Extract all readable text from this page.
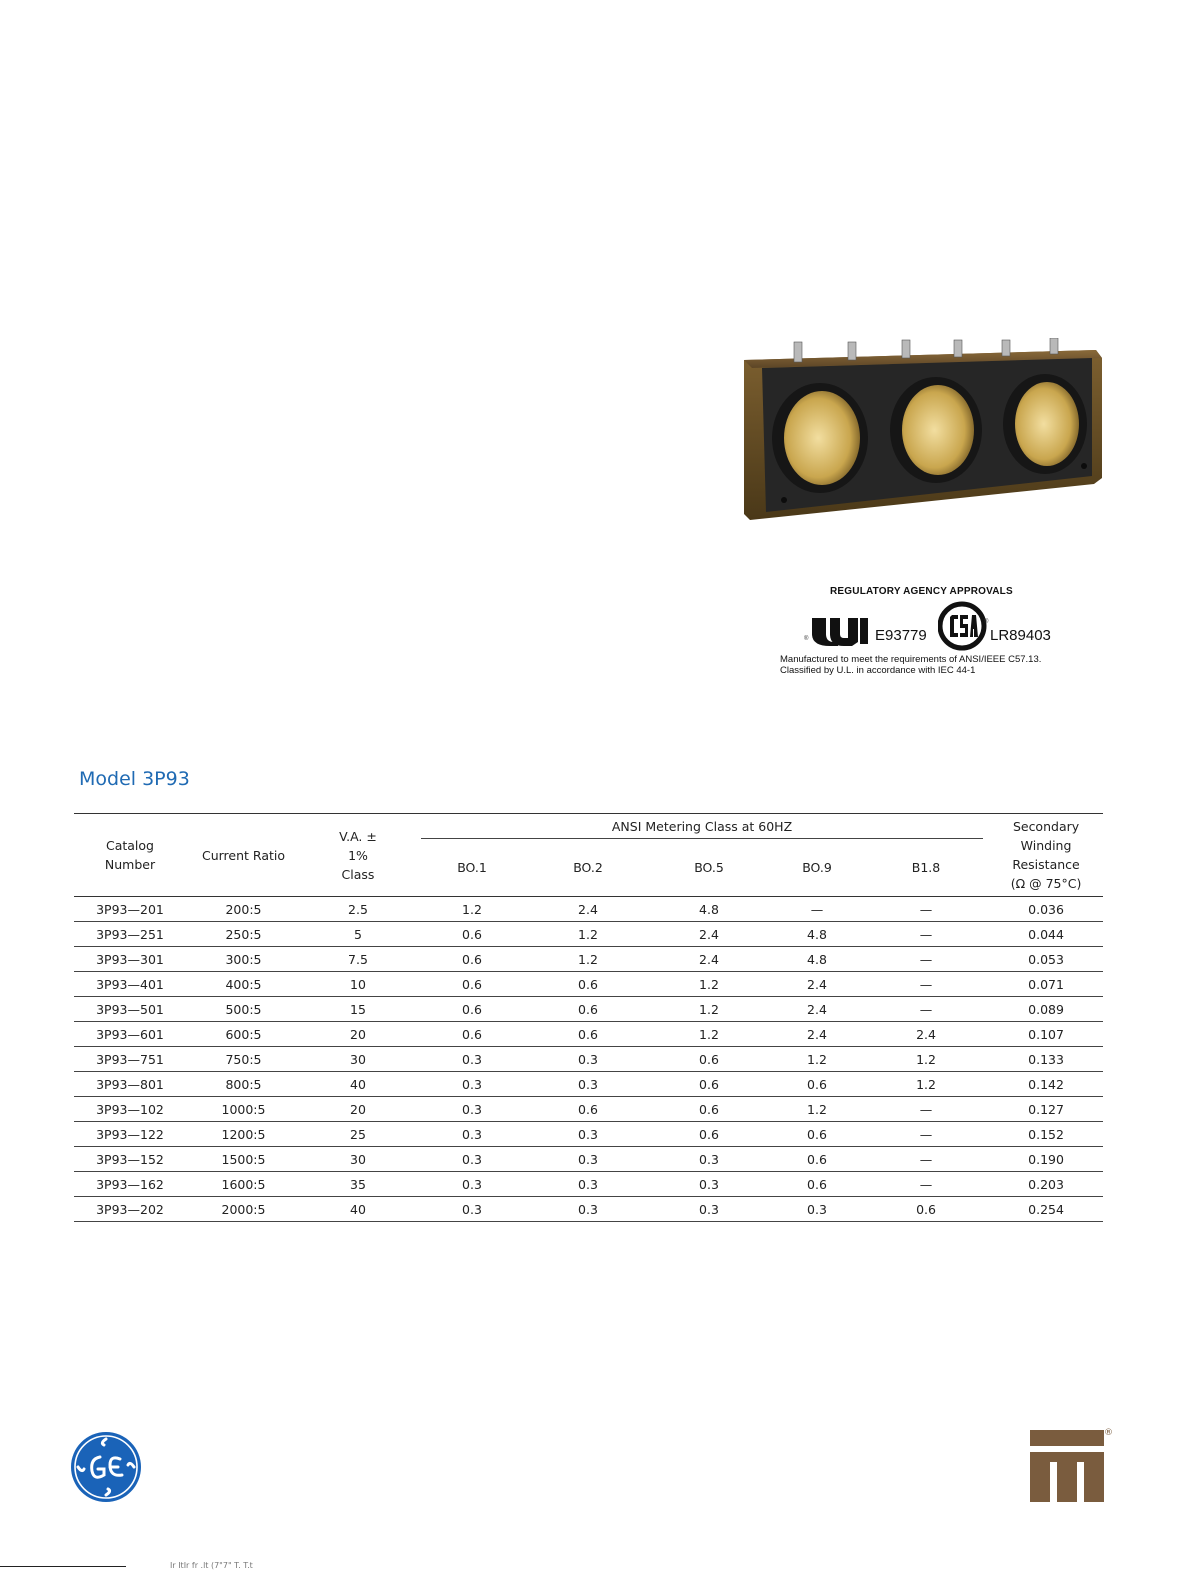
REGULATORY AGENCY APPROVALS
®	E93779
®
LR89403
Manufactured to meet the requirements of ANSI/IEEE C57.13.
Classified by U.L. in accordance with IEC 44-1
Model 3P93
Catalog Number	Current Ratio	V.A. ± 1% Class	ANSI Metering Class at 60HZ					Secondary Winding Resistance (Ω @ 75°C)

			BO.1	BO.2	BO.5	BO.9	B1.8	
3P93—201	200:5	2.5	1.2	2.4	4.8	—	—	0.036
3P93—251	250:5	5	0.6	1.2	2.4	4.8	—	0.044
3P93—301	300:5	7.5	0.6	1.2	2.4	4.8	—	0.053
3P93—401	400:5	10	0.6	0.6	1.2	2.4	—	0.071
3P93—501	500:5	15	0.6	0.6	1.2	2.4	—	0.089
3P93—601	600:5	20	0.6	0.6	1.2	2.4	2.4	0.107
3P93—751	750:5	30	0.3	0.3	0.6	1.2	1.2	0.133
3P93—801	800:5	40	0.3	0.3	0.6	0.6	1.2	0.142
3P93—102	1000:5	20	0.3	0.6	0.6	1.2	—	0.127
3P93—122	1200:5	25	0.3	0.3	0.6	0.6	—	0.152
3P93—152	1500:5	30	0.3	0.3	0.3	0.6	—	0.190
3P93—162	1600:5	35	0.3	0.3	0.3	0.6	—	0.203
3P93—202	2000:5	40	0.3	0.3	0.3	0.3	0.6	0.254
®
Ir ItIr fr .lt (7"7" T. T.t
